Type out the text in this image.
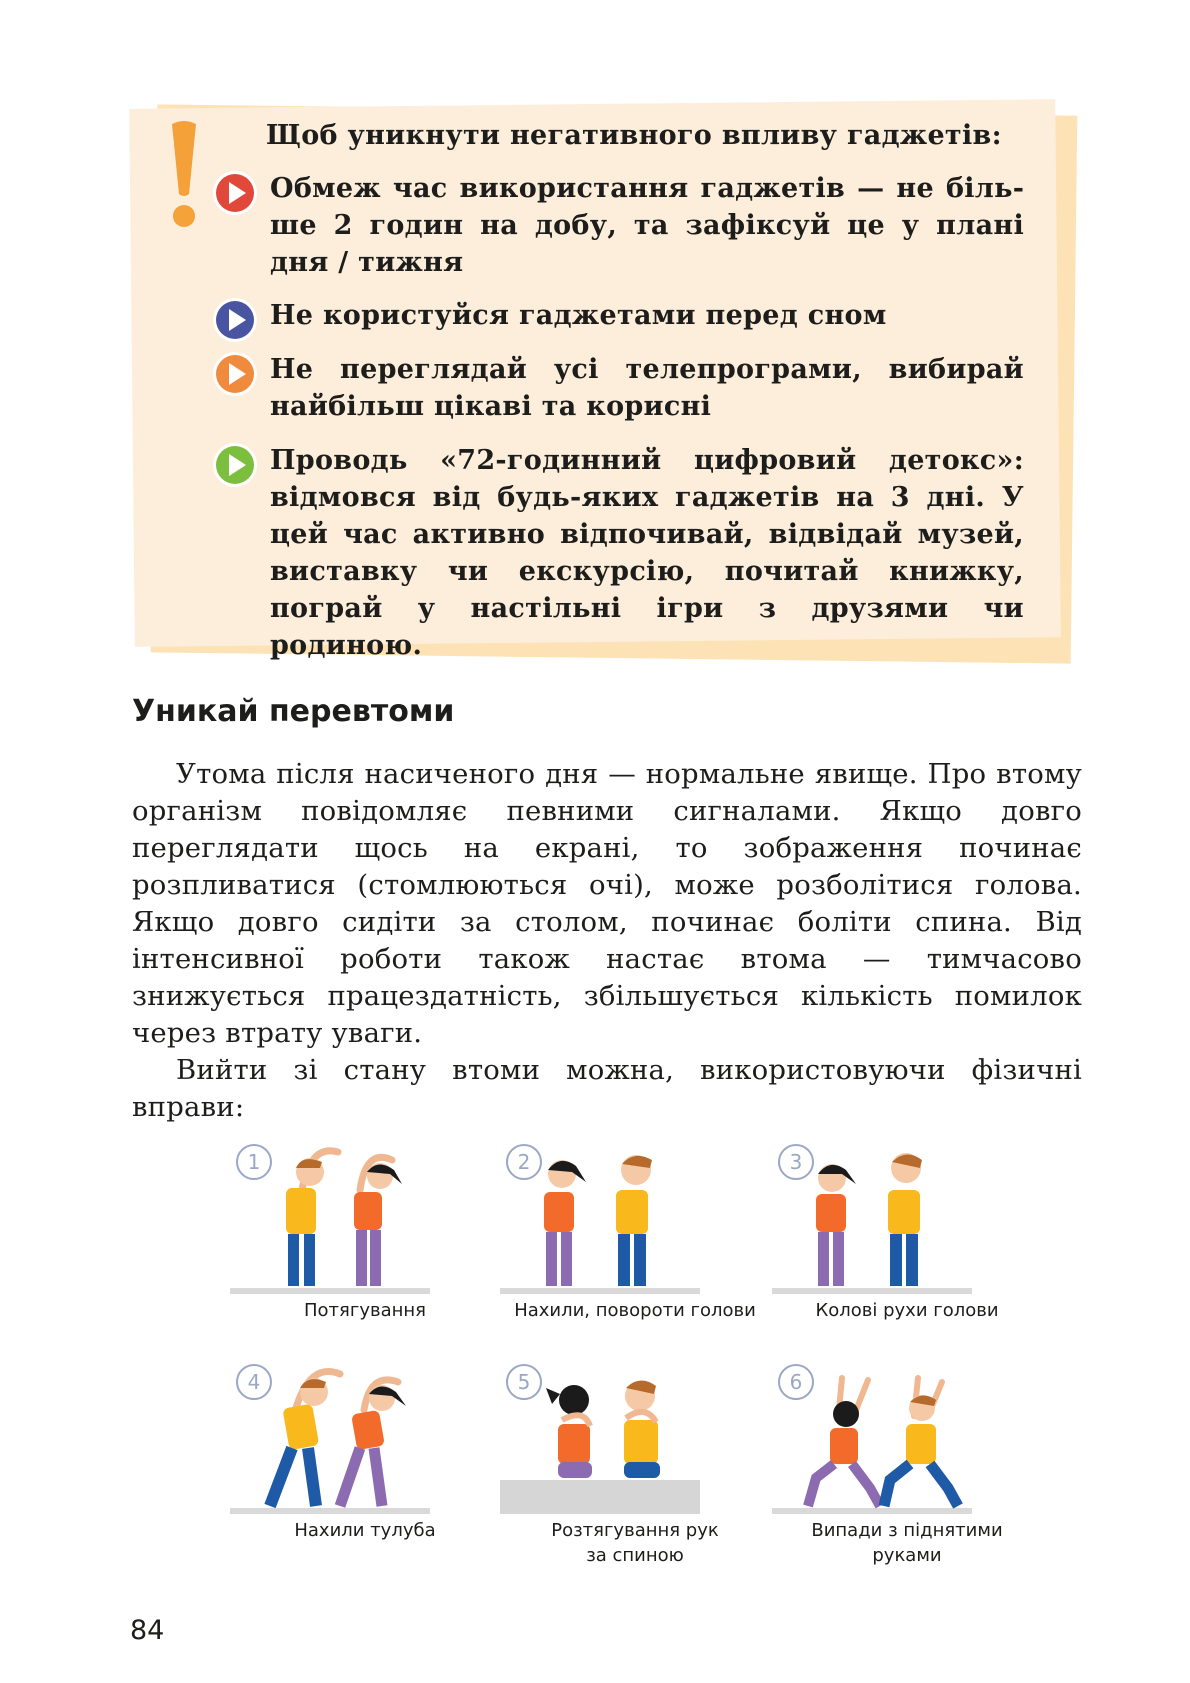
Щоб уникнути негативного впливу гаджетів:

Обмеж час використання гаджетів — не більше 2 годин на добу, та зафіксуй це у плані дня / тижня

Не користуйся гаджетами перед сном

Не переглядай усі телепрограми, вибирай найбільш цікаві та корисні

Проводь «72-годинний цифровий детокс»: відмовся від будь-яких гаджетів на 3 дні. У цей час активно відпочивай, відвідай музей, виставку чи екскурсію, почитай книжку, пограй у настільні ігри з друзями чи родиною.

Уникай перевтоми

Утома після насиченого дня — нормальне явище. Про втому організм повідомляє певними сигналами. Якщо довго переглядати щось на екрані, то зображення починає розпливатися (стомлюються очі), може розболітися голова. Якщо довго сидіти за столом, починає боліти спина. Від інтенсивної роботи також настає втома — тимчасово знижується працездатність, збільшується кількість помилок через втрату уваги.

Вийти зі стану втоми можна, використовуючи фізичні вправи:

1

Потягування

2

Нахили, повороти голови

3

Колові рухи голови

4

Нахили тулуба

5

Розтягування рук
за спиною

6

Випади з піднятими
руками

84
